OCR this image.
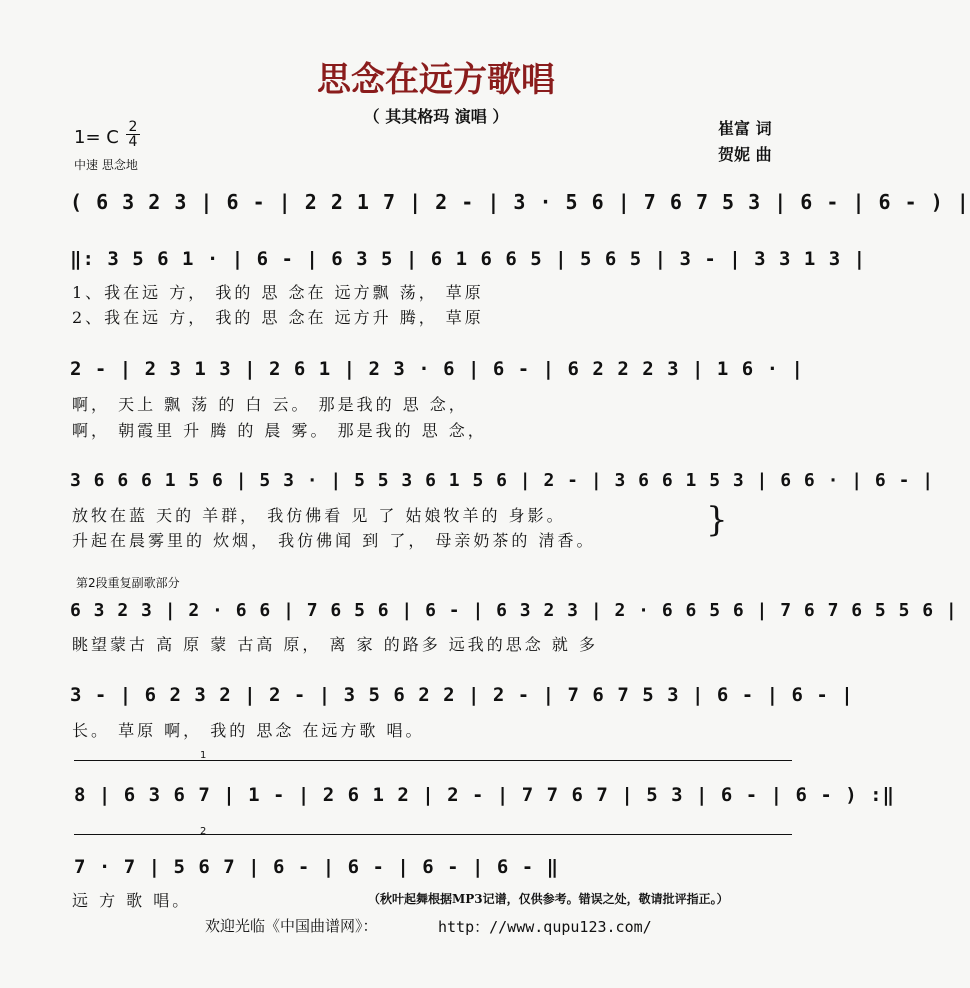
思念在远方歌唱
（ 其其格玛 演唱 ）
崔富 词
贺妮 曲
1= C $\frac{2}{4}$
中速 思念地
( 6 3 2 3 | 6 - | 2 2 1 7 | 2 - | 3 · 5 6 | 7 6 7 5 3 | 6 - | 6 - ) |
‖: 3 5 6 1 · | 6 - | 6 3 5 | 6 1 6 6 5 | 5 6 5 | 3 - | 3 3 1 3 |
1、我在远 方， 我的 思 念在 远方飘 荡， 草原
2、我在远 方， 我的 思 念在 远方升 腾， 草原
2 - | 2 3 1 3 | 2 6 1 | 2 3 · 6 | 6 - | 6 2 2 2 3 | 1 6 · |
啊， 天上 飘 荡 的 白 云。 那是我的 思 念，
啊， 朝霞里 升 腾 的 晨 雾。 那是我的 思 念，
3 6 6 6 1 5 6 | 5 3 · | 5 5 3 6 1 5 6 | 2 - | 3 6 6 1 5 3 | 6 6 · | 6 - |
放牧在蓝 天的 羊群， 我仿佛看 见 了 姑娘牧羊的 身影。
升起在晨雾里的 炊烟， 我仿佛闻 到 了， 母亲奶茶的 清香。
}
第2段重复副歌部分
6 3 2 3 | 2 · 6 6 | 7 6 5 6 | 6 - | 6 3 2 3 | 2 · 6 6 5 6 | 7 6 7 6 5 5 6 |
眺望蒙古 高 原 蒙 古高 原， 离 家 的路多 远我的思念 就 多
3 - | 6 2 3 2 | 2 - | 3 5 6 2 2 | 2 - | 7 6 7 5 3 | 6 - | 6 - |
长。 草原 啊， 我的 思念 在远方歌 唱。
1
8 | 6 3 6 7 | 1 - | 2 6 1 2 | 2 - | 7 7 6 7 | 5 3 | 6 - | 6 - ) :‖
2
7 · 7 | 5 6 7 | 6 - | 6 - | 6 - | 6 - ‖
远 方 歌 唱。	（秋叶起舞根据MP3记谱，仅供参考。错误之处，敬请批评指正。）
欢迎光临《中国曲谱网》：	http：//www.qupu123.com/
